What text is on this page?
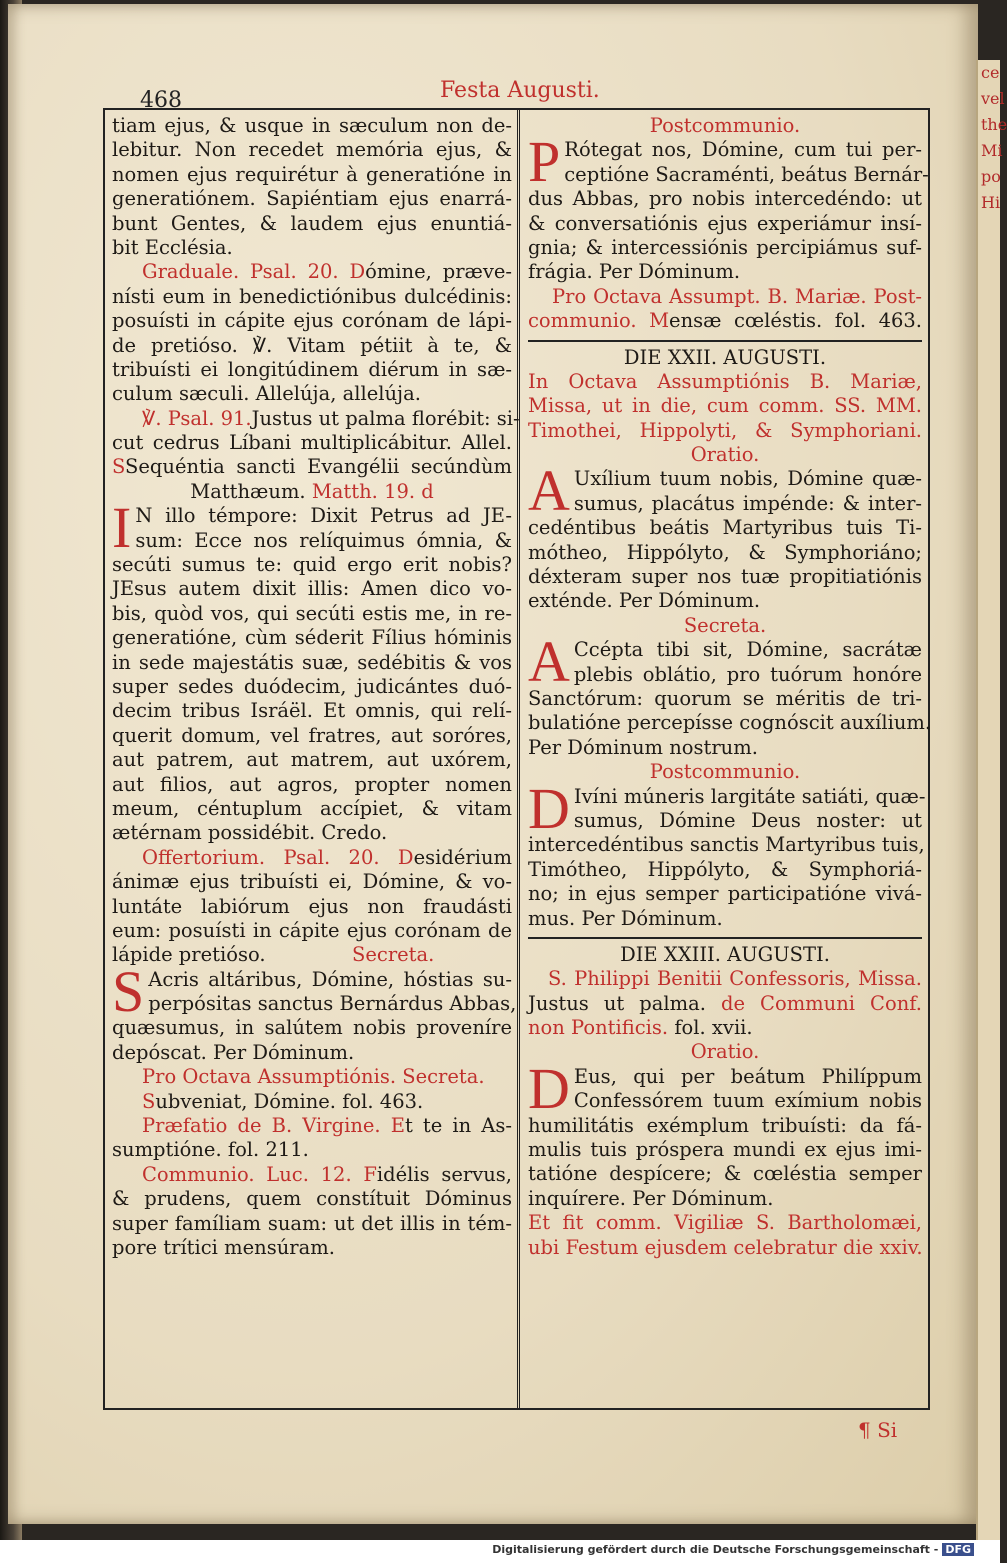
ce
vel
the
Mi
po
Hi
468	Festa Augusti.
tiam ejus, & usque in sæculum non de-
lebitur. Non recedet memória ejus, &
nomen ejus requirétur à generatióne in
generatiónem. Sapiéntiam ejus enarrá-
bunt Gentes, & laudem ejus enuntiá-
bit Ecclésia.
Graduale. Psal. 20. Dómine, præve-
nísti eum in benedictiónibus dulcédinis:
posuísti in cápite ejus corónam de lápi-
de pretióso. ℣. Vitam pétiit à te, &
tribuísti ei longitúdinem diérum in sæ-
culum sæculi. Allelúja, allelúja.
℣. Psal. 91.Justus ut palma florébit: si-
cut cedrus Líbani multiplicábitur. Allel.
SSequéntia sancti Evangélii secúndùm
Matthæum. Matth. 19. d
I N illo témpore: Dixit Petrus ad JE-
sum: Ecce nos relíquimus ómnia, &
secúti sumus te: quid ergo erit nobis?
JEsus autem dixit illis: Amen dico vo-
bis, quòd vos, qui secúti estis me, in re-
generatióne, cùm séderit Fílius hóminis
in sede majestátis suæ, sedébitis & vos
super sedes duódecim, judicántes duó-
decim tribus Isráël. Et omnis, qui relí-
querit domum, vel fratres, aut soróres,
aut patrem, aut matrem, aut uxórem,
aut filios, aut agros, propter nomen
meum, céntuplum accípiet, & vitam
ætérnam possidébit. Credo.
Offertorium. Psal. 20. Desidérium
ánimæ ejus tribuísti ei, Dómine, & vo-
luntáte labiórum ejus non fraudásti
eum: posuísti in cápite ejus corónam de
lápide pretióso.	Secreta.
S Acris altáribus, Dómine, hóstias su-
perpósitas sanctus Bernárdus Abbas,
quæsumus, in salútem nobis proveníre
depóscat. Per Dóminum.
Pro Octava Assumptiónis. Secreta.
Subveniat, Dómine. fol. 463.
Præfatio de B. Virgine. Et te in As-
sumptióne. fol. 211.
Communio. Luc. 12. Fidélis servus,
& prudens, quem constítuit Dóminus
super famíliam suam: ut det illis in tém-
pore trítici mensúram.
Postcommunio.
P Rótegat nos, Dómine, cum tui per-
ceptióne Sacraménti, beátus Bernár-
dus Abbas, pro nobis intercedéndo: ut
& conversatiónis ejus experiámur insí-
gnia; & intercessiónis percipiámus suf-
frágia. Per Dóminum.
Pro Octava Assumpt. B. Mariæ. Post-
communio. Mensæ cœléstis. fol. 463.
DIE XXII. AUGUSTI.
In Octava Assumptiónis B. Mariæ,
Missa, ut in die, cum comm. SS. MM.
Timothei, Hippolyti, & Symphoriani.
Oratio.
A Uxílium tuum nobis, Dómine quæ-
sumus, placátus impénde: & inter-
cedéntibus beátis Martyribus tuis Ti-
mótheo, Hippólyto, & Symphoriáno;
déxteram super nos tuæ propitiatiónis
exténde. Per Dóminum.
Secreta.
A Ccépta tibi sit, Dómine, sacrátæ
plebis oblátio, pro tuórum honóre
Sanctórum: quorum se méritis de tri-
bulatióne percepísse cognóscit auxílium.
Per Dóminum nostrum.
Postcommunio.
D Ivíni múneris largitáte satiáti, quæ-
sumus, Dómine Deus noster: ut
intercedéntibus sanctis Martyribus tuis,
Timótheo, Hippólyto, & Symphoriá-
no; in ejus semper participatióne vivá-
mus. Per Dóminum.
DIE XXIII. AUGUSTI.
S. Philippi Benitii Confessoris, Missa.
Justus ut palma. de Communi Conf.
non Pontificis. fol. xvii.
Oratio.
D Eus, qui per beátum Philíppum
Confessórem tuum exímium nobis
humilitátis exémplum tribuísti: da fá-
mulis tuis próspera mundi ex ejus imi-
tatióne despícere; & cœléstia semper
inquírere. Per Dóminum.
Et fit comm. Vigiliæ S. Bartholomæi,
ubi Festum ejusdem celebratur die xxiv.
¶ Si
Digitalisierung gefördert durch die Deutsche Forschungsgemeinschaft - DFG
